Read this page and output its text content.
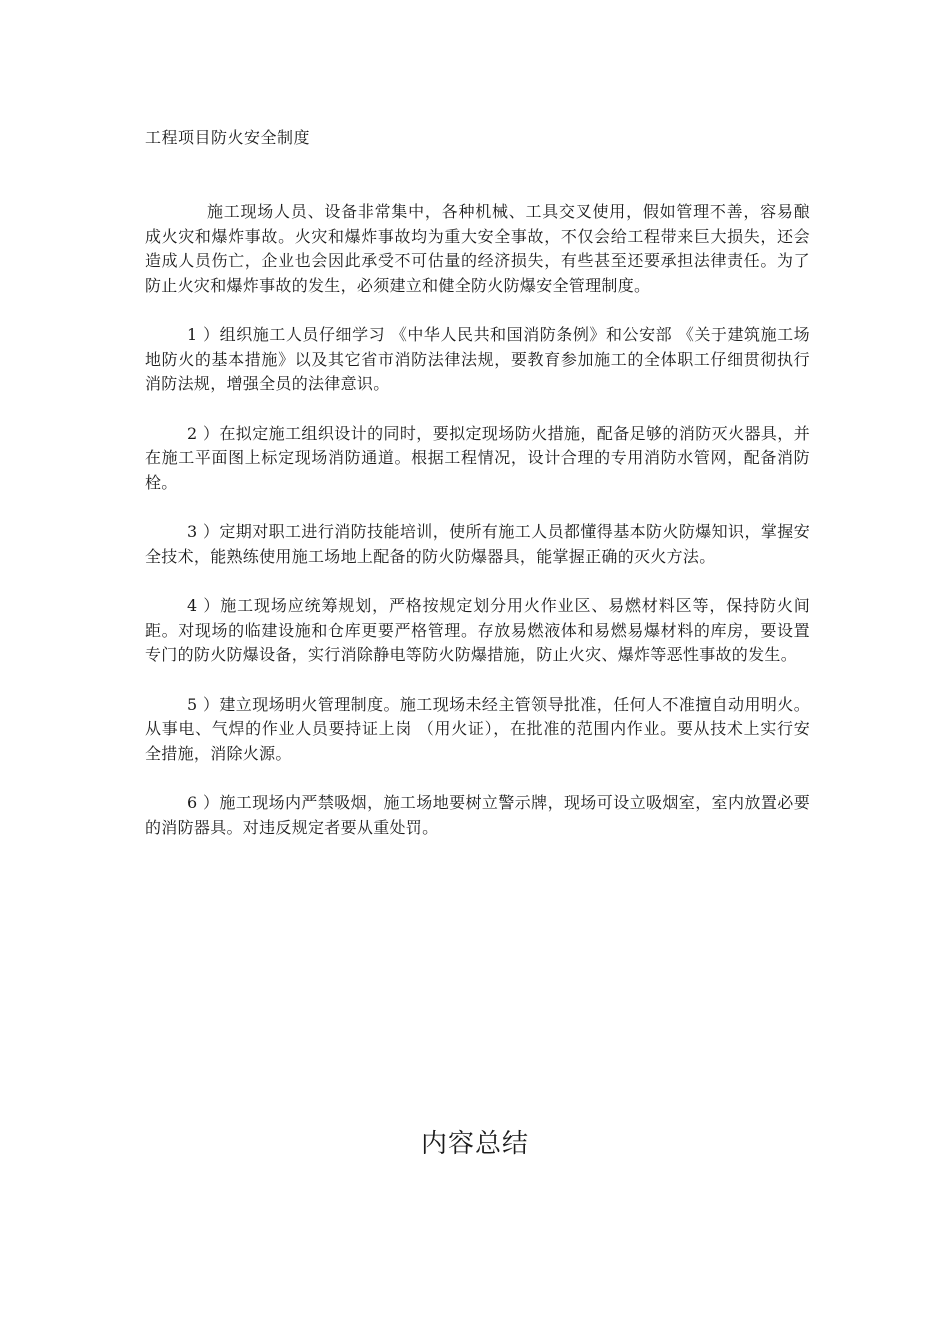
工程项目防火安全制度

施工现场人员、设备非常集中，各种机械、工具交叉使用，假如管理不善，容易酿成火灾和爆炸事故。火灾和爆炸事故均为重大安全事故，不仅会给工程带来巨大损失，还会造成人员伤亡，企业也会因此承受不可估量的经济损失，有些甚至还要承担法律责任。为了防止火灾和爆炸事故的发生，必须建立和健全防火防爆安全管理制度。

1 ）组织施工人员仔细学习 《中华人民共和国消防条例》和公安部 《关于建筑施工场地防火的基本措施》以及其它省市消防法律法规，要教育参加施工的全体职工仔细贯彻执行消防法规，增强全员的法律意识。

2 ）在拟定施工组织设计的同时，要拟定现场防火措施，配备足够的消防灭火器具，并在施工平面图上标定现场消防通道。根据工程情况，设计合理的专用消防水管网，配备消防栓。

3 ）定期对职工进行消防技能培训，使所有施工人员都懂得基本防火防爆知识，掌握安全技术，能熟练使用施工场地上配备的防火防爆器具，能掌握正确的灭火方法。

4 ）施工现场应统筹规划，严格按规定划分用火作业区、易燃材料区等，保持防火间距。对现场的临建设施和仓库更要严格管理。存放易燃液体和易燃易爆材料的库房，要设置专门的防火防爆设备，实行消除静电等防火防爆措施，防止火灾、爆炸等恶性事故的发生。

5 ）建立现场明火管理制度。施工现场未经主管领导批准，任何人不准擅自动用明火。从事电、气焊的作业人员要持证上岗 （用火证），在批准的范围内作业。要从技术上实行安全措施，消除火源。

6 ）施工现场内严禁吸烟，施工场地要树立警示牌，现场可设立吸烟室，室内放置必要的消防器具。对违反规定者要从重处罚。

内容总结
